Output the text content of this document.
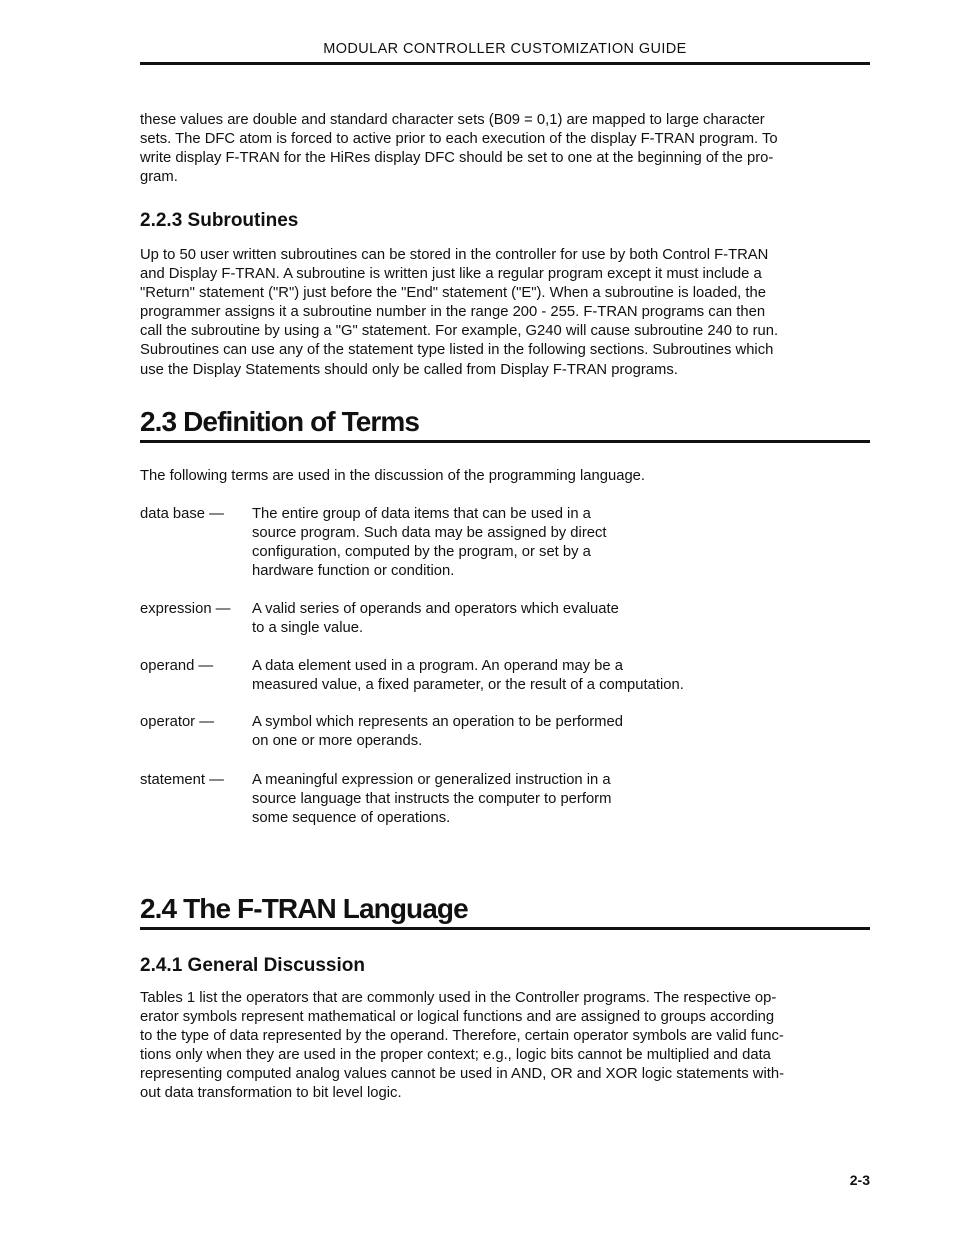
MODULAR CONTROLLER CUSTOMIZATION GUIDE
these values are double and standard character sets (B09 = 0,1) are mapped to large character
sets. The DFC atom is forced to active prior to each execution of the display F-TRAN program. To
write display F-TRAN for the HiRes display DFC should be set to one at the beginning of the pro-
gram.
2.2.3 Subroutines
Up to 50 user written subroutines can be stored in the controller for use by both Control F-TRAN
and Display F-TRAN. A subroutine is written just like a regular program except it must include a
"Return" statement ("R") just before the "End" statement ("E"). When a subroutine is loaded, the
programmer assigns it a subroutine number in the range 200 - 255. F-TRAN programs can then
call the subroutine by using a "G" statement. For example, G240 will cause subroutine 240 to run.
Subroutines can use any of the statement type listed in the following sections. Subroutines which
use the Display Statements should only be called from Display F-TRAN programs.
2.3 Definition of Terms
The following terms are used in the discussion of the programming language.
data base —	The entire group of data items that can be used in a
source program. Such data may be assigned by direct
configuration, computed by the program, or set by a
hardware function or condition.
expression —	A valid series of operands and operators which evaluate
to a single value.
operand —	A data element used in a program. An operand may be a
measured value, a fixed parameter, or the result of a computation.
operator —	A symbol which represents an operation to be performed
on one or more operands.
statement —	A meaningful expression or generalized instruction in a
source language that instructs the computer to perform
some sequence of operations.
2.4 The F-TRAN Language
2.4.1 General Discussion
Tables 1 list the operators that are commonly used in the Controller programs. The respective op-
erator symbols represent mathematical or logical functions and are assigned to groups according
to the type of data represented by the operand. Therefore, certain operator symbols are valid func-
tions only when they are used in the proper context; e.g., logic bits cannot be multiplied and data
representing computed analog values cannot be used in AND, OR and XOR logic statements with-
out data transformation to bit level logic.
2-3
